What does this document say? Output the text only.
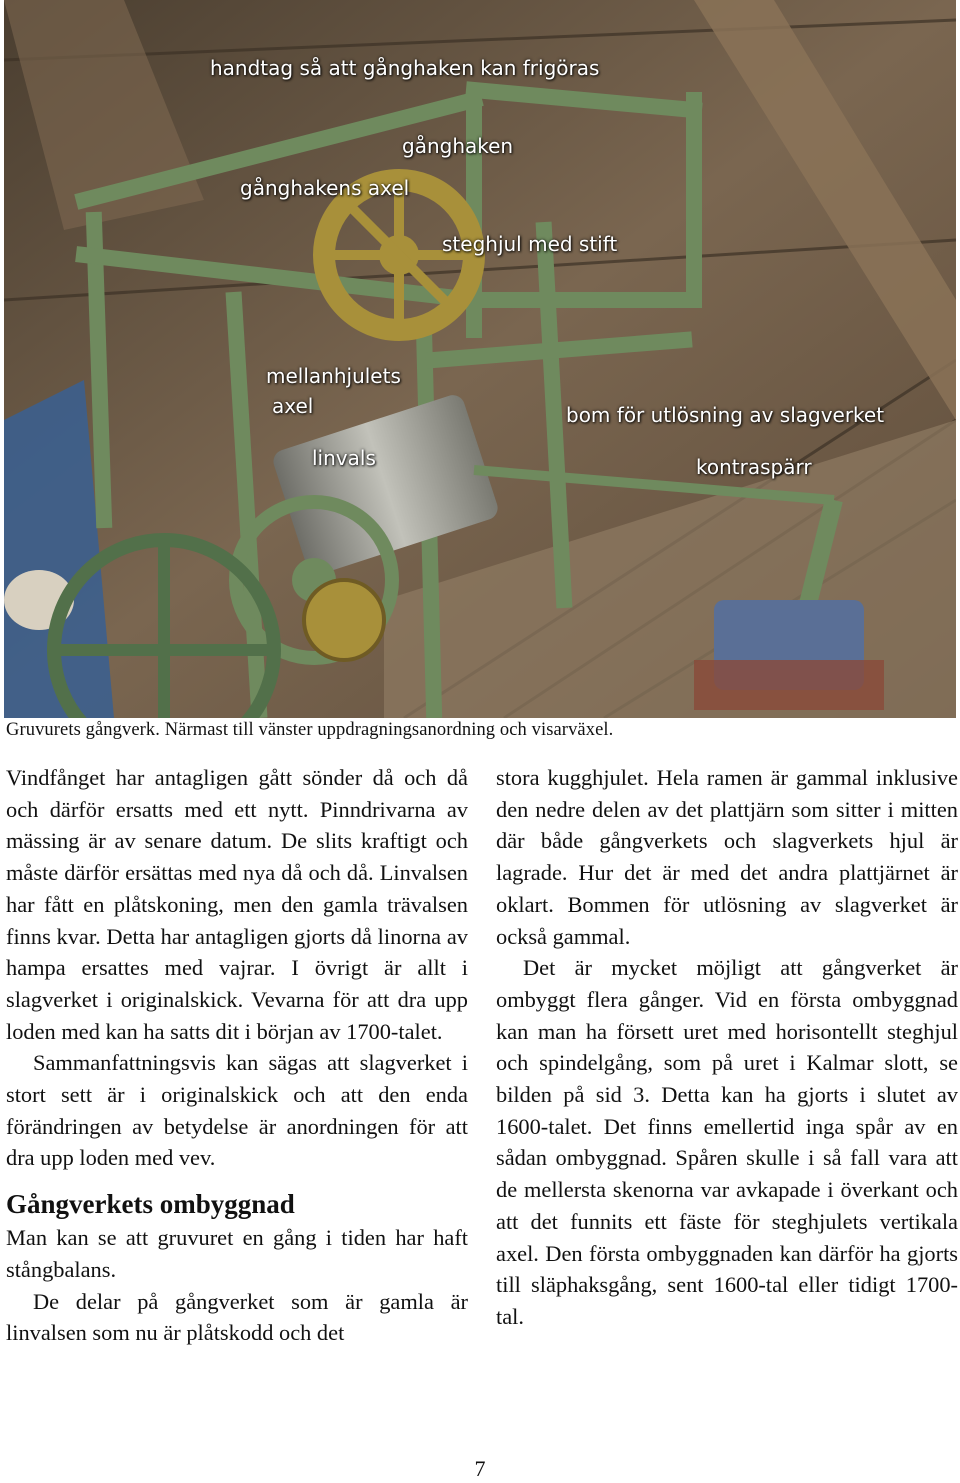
handtag så att gånghaken kan frigöras
gånghaken
gånghakens axel
steghjul med stift
mellanhjulets
axel
linvals
bom för utlösning av slagverket
kontraspärr
Gruvurets gångverk. Närmast till vänster uppdragningsanordning och visarväxel.

Vindfånget har antagligen gått sönder då och då och därför ersatts med ett nytt. Pinndrivarna av mässing är av senare datum. De slits kraftigt och måste därför ersättas med nya då och då. Linvalsen har fått en plåtskoning, men den gamla trävalsen finns kvar. Detta har antagligen gjorts då linorna av hampa ersattes med vajrar. I övrigt är allt i slagverket i originalskick. Vevarna för att dra upp loden med kan ha satts dit i början av 1700-talet.

Sammanfattningsvis kan sägas att slagverket i stort sett är i originalskick och att den enda förändringen av betydelse är anordningen för att dra upp loden med vev.

Gångverkets ombyggnad

Man kan se att gruvuret en gång i tiden har haft stångbalans.

De delar på gångverket som är gamla är linvalsen som nu är plåtskodd och det

stora kugghjulet. Hela ramen är gammal inklusive den nedre delen av det plattjärn som sitter i mitten där både gångverkets och slagverkets hjul är lagrade. Hur det är med det andra plattjärnet är oklart. Bommen för utlösning av slagverket är också gammal.

Det är mycket möjligt att gångverket är ombyggt flera gånger. Vid en första ombyggnad kan man ha försett uret med horisontellt steghjul och spindelgång, som på uret i Kalmar slott, se bilden på sid 3. Detta kan ha gjorts i slutet av 1600-talet. Det finns emellertid inga spår av en sådan ombyggnad. Spåren skulle i så fall vara att de mellersta skenorna var avkapade i överkant och att det funnits ett fäste för steghjulets vertikala axel. Den första ombyggnaden kan därför ha gjorts till släphaksgång, sent 1600-tal eller tidigt 1700-tal.

7
